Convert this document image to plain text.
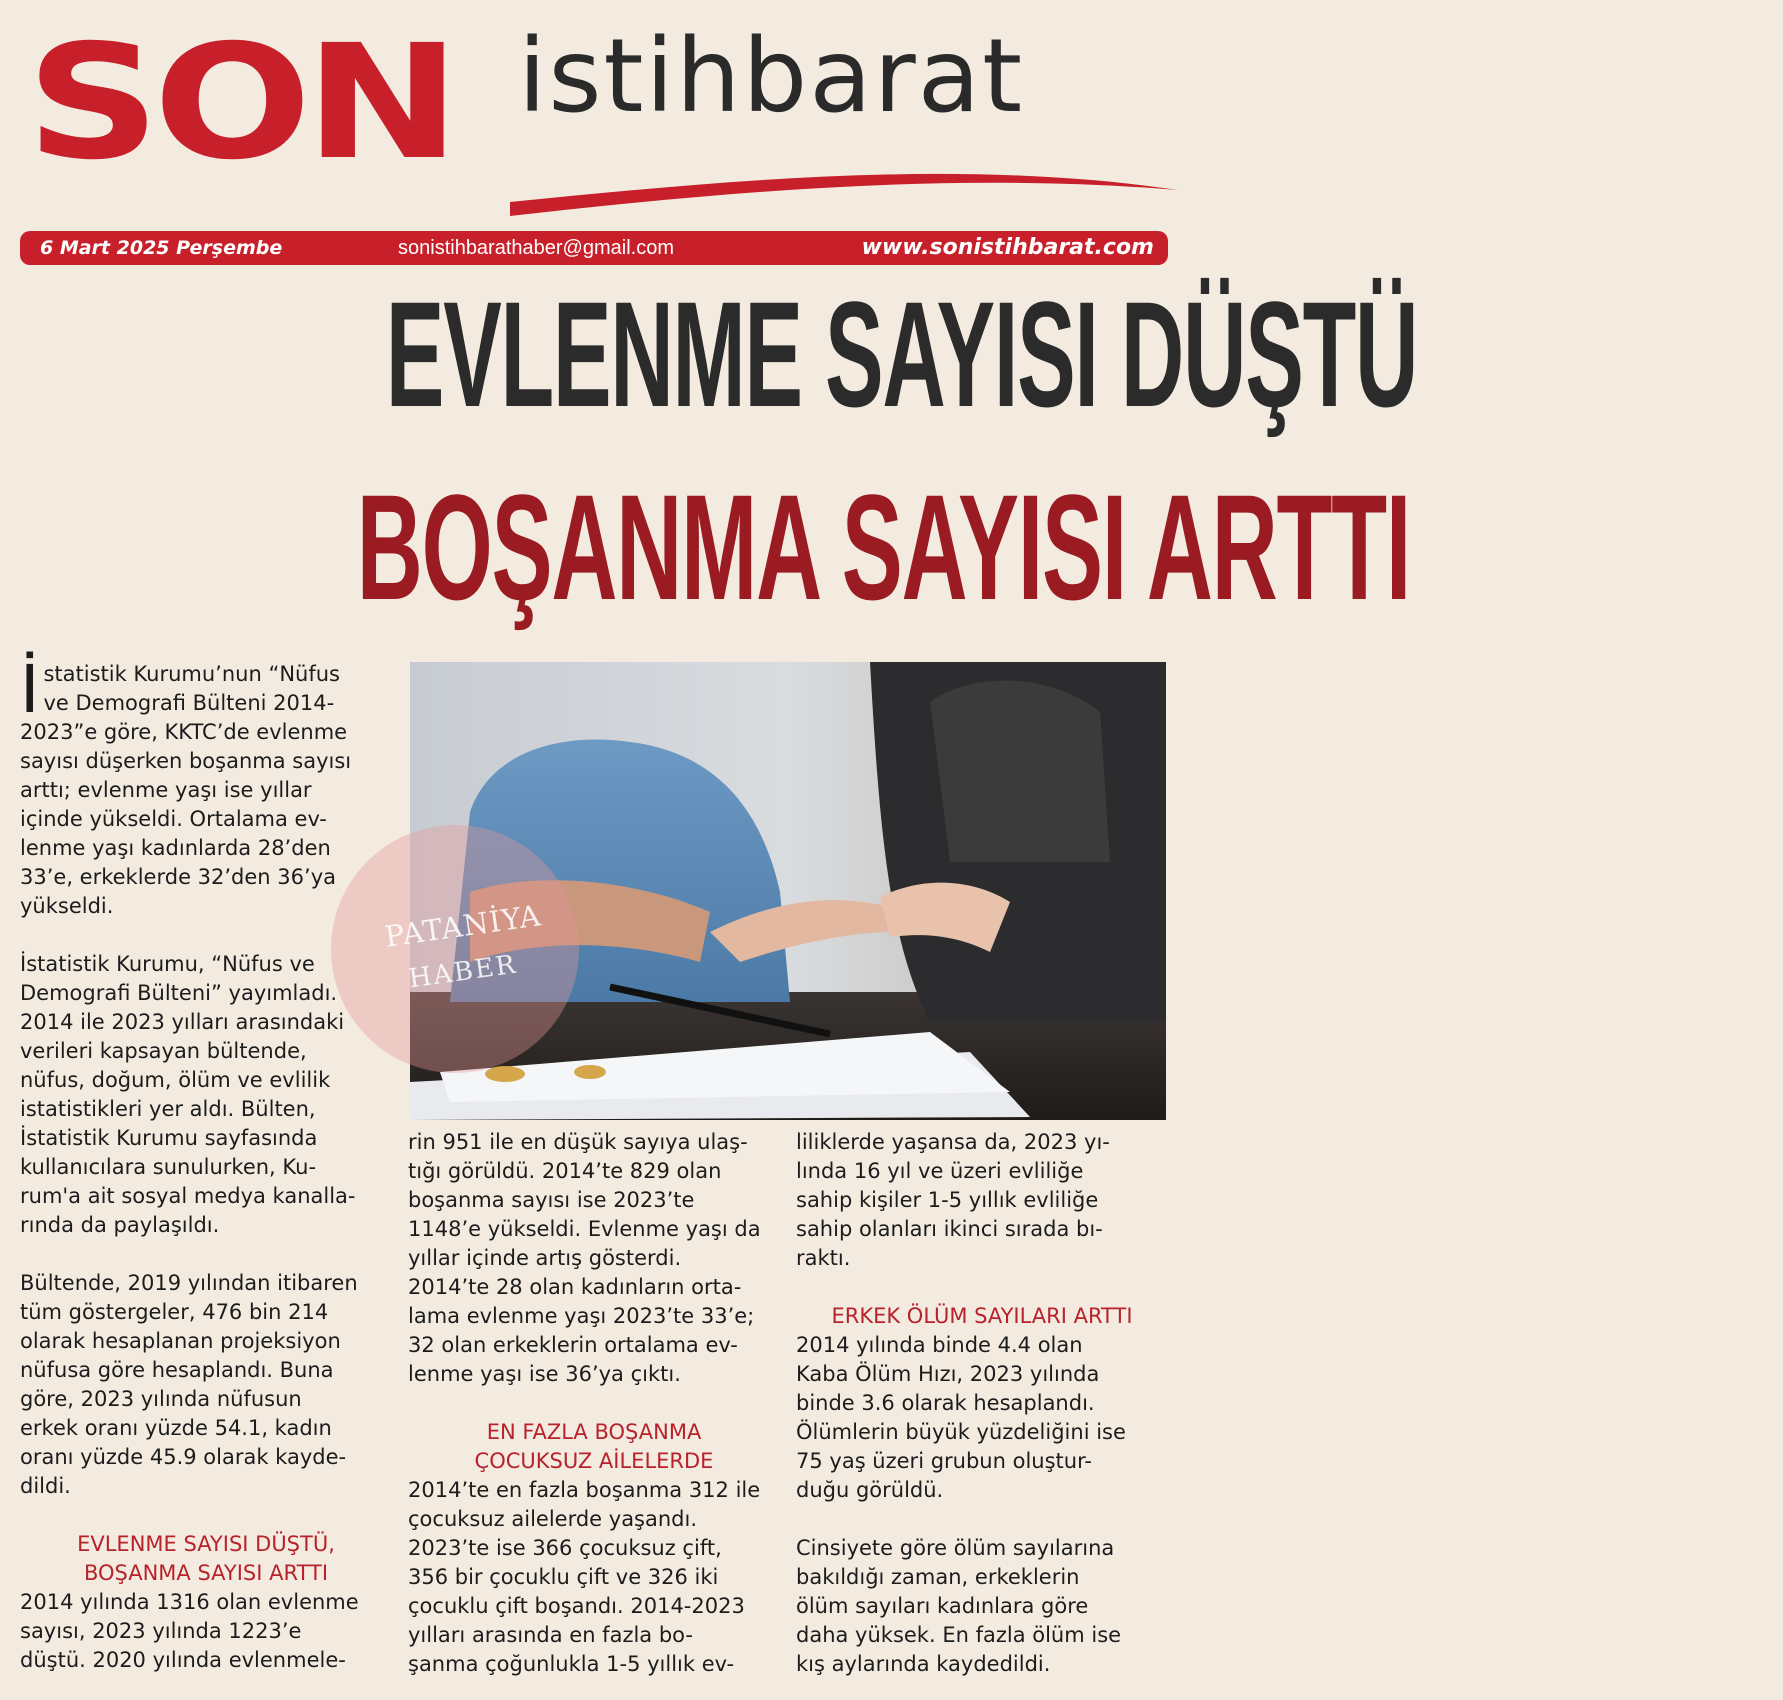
SON istihbarat
6 Mart 2025 Perşembe	sonistihbarathaber@gmail.com	www.sonistihbarat.com
EVLENME SAYISI DÜŞTÜ
BOŞANMA SAYISI ARTTI
PATANİYA
HABER
İ statistik Kurumu’nun “Nüfus

ve Demografi Bülteni 2014-

2023”e göre, KKTC’de evlenme

sayısı düşerken boşanma sayısı

arttı; evlenme yaşı ise yıllar

içinde yükseldi. Ortalama ev-

lenme yaşı kadınlarda 28’den

33’e, erkeklerde 32’den 36’ya

yükseldi.

İstatistik Kurumu, “Nüfus ve

Demografi Bülteni” yayımladı.

2014 ile 2023 yılları arasındaki

verileri kapsayan bültende,

nüfus, doğum, ölüm ve evlilik

istatistikleri yer aldı. Bülten,

İstatistik Kurumu sayfasında

kullanıcılara sunulurken, Ku-

rum'a ait sosyal medya kanalla-

rında da paylaşıldı.

Bültende, 2019 yılından itibaren

tüm göstergeler, 476 bin 214

olarak hesaplanan projeksiyon

nüfusa göre hesaplandı. Buna

göre, 2023 yılında nüfusun

erkek oranı yüzde 54.1, kadın

oranı yüzde 45.9 olarak kayde-

dildi.

EVLENME SAYISI DÜŞTÜ,
BOŞANMA SAYISI ARTTI

2014 yılında 1316 olan evlenme

sayısı, 2023 yılında 1223’e

düştü. 2020 yılında evlenmele-

rin 951 ile en düşük sayıya ulaş-

tığı görüldü. 2014’te 829 olan

boşanma sayısı ise 2023’te

1148’e yükseldi. Evlenme yaşı da

yıllar içinde artış gösterdi.

2014’te 28 olan kadınların orta-

lama evlenme yaşı 2023’te 33’e;

32 olan erkeklerin ortalama ev-

lenme yaşı ise 36’ya çıktı.

EN FAZLA BOŞANMA
ÇOCUKSUZ AİLELERDE

2014’te en fazla boşanma 312 ile

çocuksuz ailelerde yaşandı.

2023’te ise 366 çocuksuz çift,

356 bir çocuklu çift ve 326 iki

çocuklu çift boşandı. 2014-2023

yılları arasında en fazla bo-

şanma çoğunlukla 1-5 yıllık ev-

liliklerde yaşansa da, 2023 yı-

lında 16 yıl ve üzeri evliliğe

sahip kişiler 1-5 yıllık evliliğe

sahip olanları ikinci sırada bı-

raktı.

ERKEK ÖLÜM SAYILARI ARTTI

2014 yılında binde 4.4 olan

Kaba Ölüm Hızı, 2023 yılında

binde 3.6 olarak hesaplandı.

Ölümlerin büyük yüzdeliğini ise

75 yaş üzeri grubun oluştur-

duğu görüldü.

Cinsiyete göre ölüm sayılarına

bakıldığı zaman, erkeklerin

ölüm sayıları kadınlara göre

daha yüksek. En fazla ölüm ise

kış aylarında kaydedildi.
